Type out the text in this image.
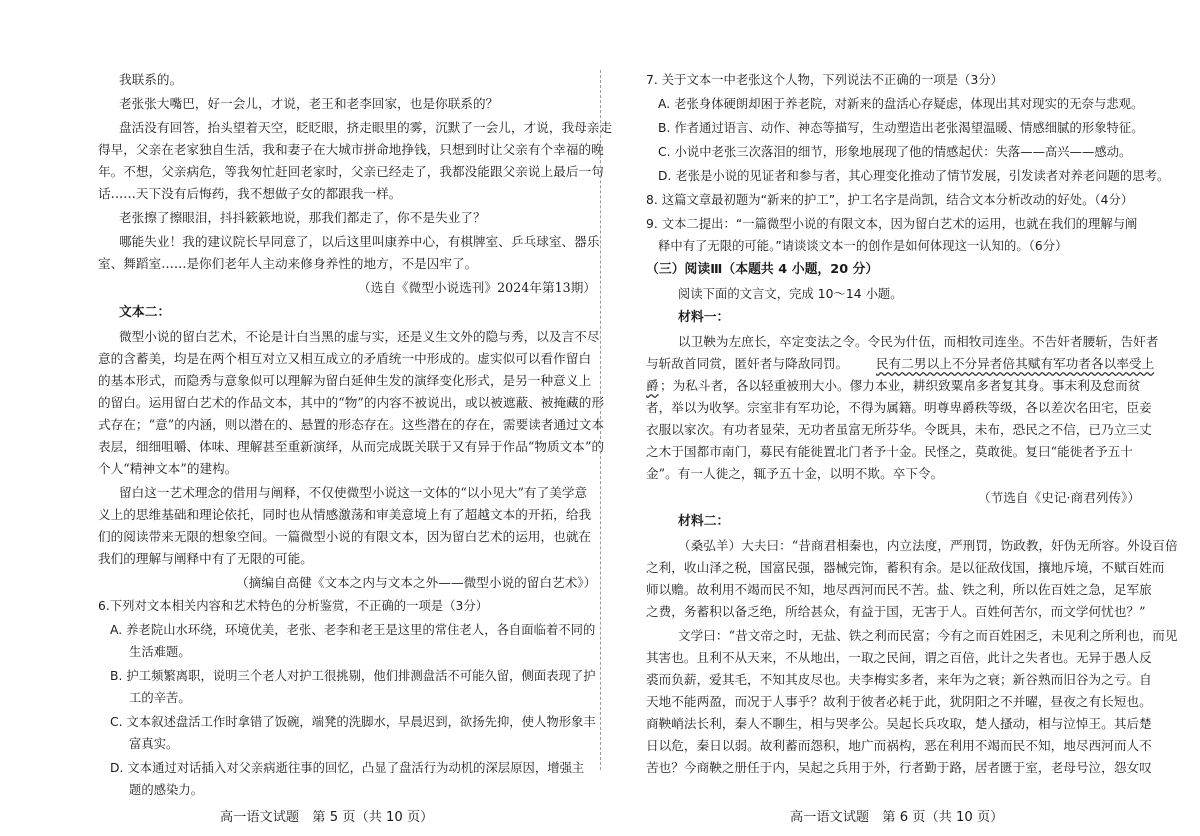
我联系的。
老张张大嘴巴，好一会儿，才说，老王和老李回家，也是你联系的？
盘活没有回答，抬头望着天空，眨眨眼，挤走眼里的雾，沉默了一会儿，才说，我母亲走
得早，父亲在老家独自生活，我和妻子在大城市拼命地挣钱，只想到时让父亲有个幸福的晚
年。不想，父亲病危，等我匆忙赶回老家时，父亲已经走了，我都没能跟父亲说上最后一句
话……天下没有后悔药，我不想做子女的都跟我一样。
老张擦了擦眼泪，抖抖簌簌地说，那我们都走了，你不是失业了？
哪能失业！我的建议院长早同意了，以后这里叫康养中心，有棋牌室、乒乓球室、器乐
室、舞蹈室……是你们老年人主动来修身养性的地方，不是囚牢了。
（选自《微型小说选刊》2024年第13期）
文本二：
微型小说的留白艺术，不论是计白当黑的虚与实，还是义生文外的隐与秀，以及言不尽
意的含蓄美，均是在两个相互对立又相互成立的矛盾统一中形成的。虚实似可以看作留白
的基本形式，而隐秀与意象似可以理解为留白延伸生发的演绎变化形式，是另一种意义上
的留白。运用留白艺术的作品文本，其中的“物”的内容不被说出，或以被遮蔽、被掩藏的形
式存在；“意”的内涵，则以潜在的、悬置的形态存在。这些潜在的存在，需要读者通过文本
表层，细细咀嚼、体味、理解甚至重新演绎，从而完成既关联于又有异于作品“物质文本”的
个人“精神文本”的建构。
留白这一艺术理念的借用与阐释，不仅使微型小说这一文体的“以小见大”有了美学意
义上的思维基础和理论依托，同时也从情感激荡和审美意境上有了超越文本的开拓，给我
们的阅读带来无限的想象空间。一篇微型小说的有限文本，因为留白艺术的运用，也就在
我们的理解与阐释中有了无限的可能。
（摘编自高健《文本之内与文本之外——微型小说的留白艺术》）
6.下列对文本相关内容和艺术特色的分析鉴赏，不正确的一项是（3分）
A. 养老院山水环绕，环境优美，老张、老李和老王是这里的常住老人，各自面临着不同的
生活难题。
B. 护工频繁离职，说明三个老人对护工很挑剔，他们排测盘活不可能久留，侧面表现了护
工的辛苦。
C. 文本叙述盘活工作时拿错了饭碗，端凳的洗脚水，早晨迟到，欲扬先抑，使人物形象丰
富真实。
D. 文本通过对话插入对父亲病逝往事的回忆，凸显了盘活行为动机的深层原因，增强主
题的感染力。
高一语文试题　第 5 页（共 10 页）
7. 关于文本一中老张这个人物，下列说法不正确的一项是（3分）
A. 老张身体硬朗却困于养老院，对新来的盘活心存疑虑，体现出其对现实的无奈与悲观。
B. 作者通过语言、动作、神态等描写，生动塑造出老张渴望温暖、情感细腻的形象特征。
C. 小说中老张三次落泪的细节，形象地展现了他的情感起伏：失落——高兴——感动。
D. 老张是小说的见证者和参与者，其心理变化推动了情节发展，引发读者对养老问题的思考。
8. 这篇文章最初题为“新来的护工”，护工名字是尚凯，结合文本分析改动的好处。（4分）
9. 文本二提出：“一篇微型小说的有限文本，因为留白艺术的运用，也就在我们的理解与阐
释中有了无限的可能。”请谈谈文本一的创作是如何体现这一认知的。（6分）
（三）阅读Ⅲ（本题共 4 小题，20 分）
阅读下面的文言文，完成 10～14 小题。
材料一：
以卫鞅为左庶长，卒定变法之令。令民为什伍，而相牧司连坐。不告奸者腰斩，告奸者
与斩敌首同赏，匿奸者与降敌同罚。 民有二男以上不分异者倍其赋有军功者各以率受上
爵 ；为私斗者，各以轻重被刑大小。僇力本业，耕织致粟帛多者复其身。事末利及怠而贫
者，举以为收孥。宗室非有军功论，不得为属籍。明尊卑爵秩等级，各以差次名田宅，臣妾
衣服以家次。有功者显荣，无功者虽富无所芬华。令既具，未布，恐民之不信，已乃立三丈
之木于国都市南门，募民有能徙置北门者予十金。民怪之，莫敢徙。复曰“能徙者予五十
金”。有一人徙之，辄予五十金，以明不欺。卒下令。
（节选自《史记·商君列传》）
材料二：
（桑弘羊）大夫曰：“昔商君相秦也，内立法度，严刑罚，饬政教，奸伪无所容。外设百倍
之利，收山泽之税，国富民强，器械完饰，蓄积有余。是以征敌伐国，攘地斥境，不赋百姓而
师以赡。故利用不竭而民不知，地尽西河而民不苦。盐、铁之利，所以佐百姓之急，足军旅
之费，务蓄积以备乏绝，所给甚众，有益于国，无害于人。百姓何苦尔，而文学何忧也？”
文学曰：“昔文帝之时，无盐、铁之利而民富；今有之而百姓困乏，未见利之所利也，而见
其害也。且利不从天来，不从地出，一取之民间，谓之百倍，此计之失者也。无异于愚人反
裘而负薪，爱其毛，不知其皮尽也。夫李梅实多者，来年为之衰；新谷熟而旧谷为之亏。自
天地不能两盈，而况于人事乎？故利于彼者必耗于此，犹阴阳之不并曜，昼夜之有长短也。
商鞅峭法长利，秦人不聊生，相与哭孝公。吴起长兵攻取，楚人搔动，相与泣悼王。其后楚
日以危，秦日以弱。故利蓄而怨积，地广而祸构，恶在利用不竭而民不知，地尽西河而人不
苦也？今商鞅之册任于内，吴起之兵用于外，行者勤于路，居者匮于室，老母号泣，怨女叹
高一语文试题　第 6 页（共 10 页）
